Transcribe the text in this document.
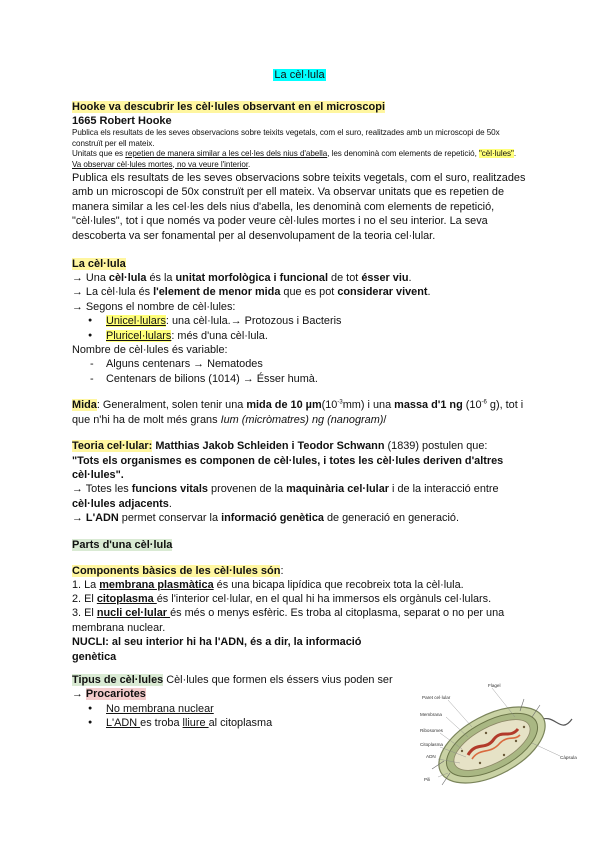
La cèl·lula

Hooke va descubrir les cèl·lules observant en el microscopi

1665 Robert Hooke

Publica els resultats de les seves observacions sobre teixits vegetals, com el suro, realitzades amb un microscopi de 50x construït per ell mateix.

Unitats que es repetien de manera similar a les cel·les dels nius d'abella, les denominà com elements de repetició, "cèl·lules".

Va observar cèl·lules mortes, no va veure l'interior.

Publica els resultats de les seves observacions sobre teixits vegetals, com el suro, realitzades amb un microscopi de 50x construït per ell mateix. Va observar unitats que es repetien de manera similar a les cel·les dels nius d'abella, les denominà com elements de repetició, "cèl·lules", tot i que només va poder veure cèl·lules mortes i no el seu interior. La seva descoberta va ser fonamental per al desenvolupament de la teoria cel·lular.

La cèl·lula

→ Una cèl·lula és la unitat morfològica i funcional de tot ésser viu.

→ La cèl·lula és l'element de menor mida que es pot considerar vivent.

→ Segons el nombre de cèl·lules:

● Unicel·lulars: una cèl·lula.→ Protozous i Bacteris
● Pluricel·lulars: més d'una cèl·lula.

Nombre de cèl·lules és variable:

- Alguns centenars → Nematodes
- Centenars de bilions (1014) → Ésser humà.

Mida: Generalment, solen tenir una mida de 10 $\mu m(10^{-3}mm)$ i una massa d'1 ng ($10^{-6}$ g), tot i que n'hi ha de molt més grans Ium (micròmatres) ng (nanogram)/

Teoria cel·lular: Matthias Jakob Schleiden i Teodor Schwann (1839) postulen que:

"Tots els organismes es componen de cèl·lules, i totes les cèl·lules deriven d'altres cèl·lules".

→ Totes les funcions vitals provenen de la maquinària cel·lular i de la interacció entre cèl·lules adjacents.

→ L'ADN permet conservar la informació genètica de generació en generació.

Parts d'una cèl·lula

Components bàsics de les cèl·lules són:

1. La membrana plasmàtica és una bicapa lipídica que recobreix tota la cèl·lula.

2. El citoplasma és l'interior cel·lular, en el qual hi ha immersos els orgànuls cel·lulars.

3. El nucli cel·lular és més o menys esfèric. Es troba al citoplasma, separat o no per una membrana nuclear.

NUCLI: al seu interior hi ha l'ADN, és a dir, la informació genètica

Tipus de cèl·lules Cèl·lules que formen els éssers vius poden ser

→ Procariotes

● No membrana nuclear
● L'ADN es troba lliure al citoplasma
Flagel
Paret cel·lular
Membrana
Ribosomes
Citoplasma
ADN	Càpsula
Pili
